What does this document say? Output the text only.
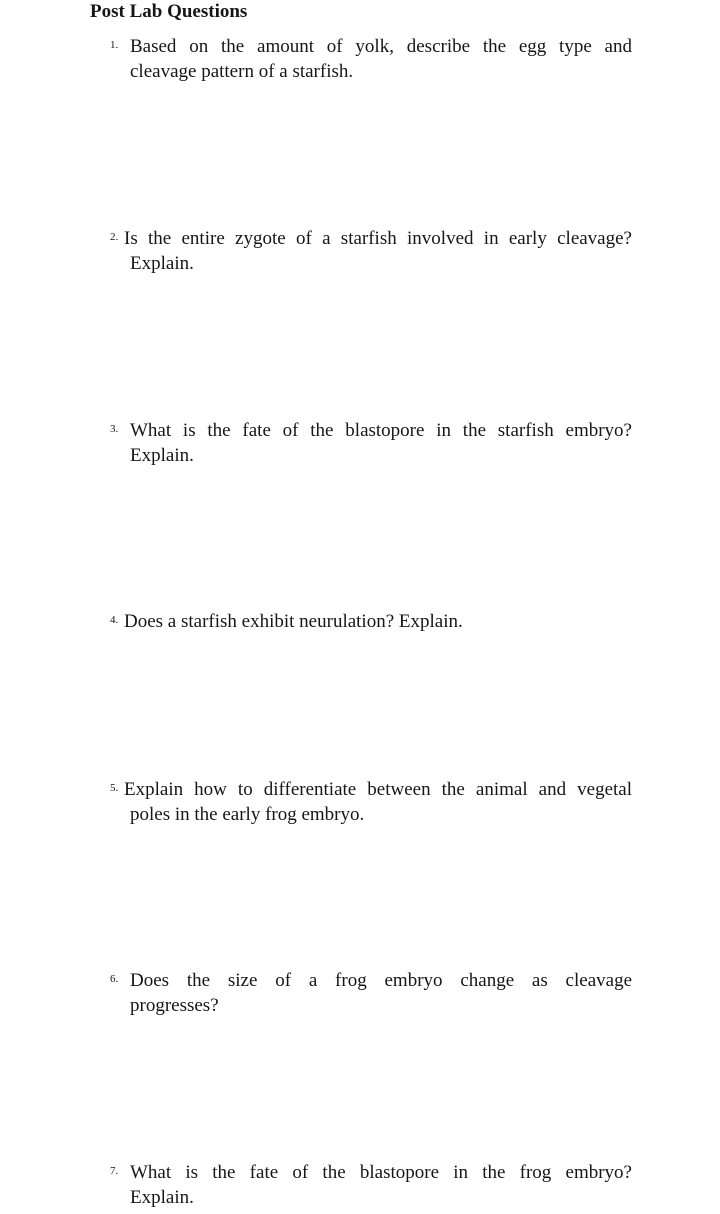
Post Lab Questions
1. Based on the amount of yolk, describe the egg type and
cleavage pattern of a starfish.
2. Is the entire zygote of a starfish involved in early cleavage?
Explain.
3. What is the fate of the blastopore in the starfish embryo?
Explain.
4. Does a starfish exhibit neurulation? Explain.
5. Explain how to differentiate between the animal and vegetal
poles in the early frog embryo.
6. Does the size of a frog embryo change as cleavage
progresses?
7. What is the fate of the blastopore in the frog embryo?
Explain.
